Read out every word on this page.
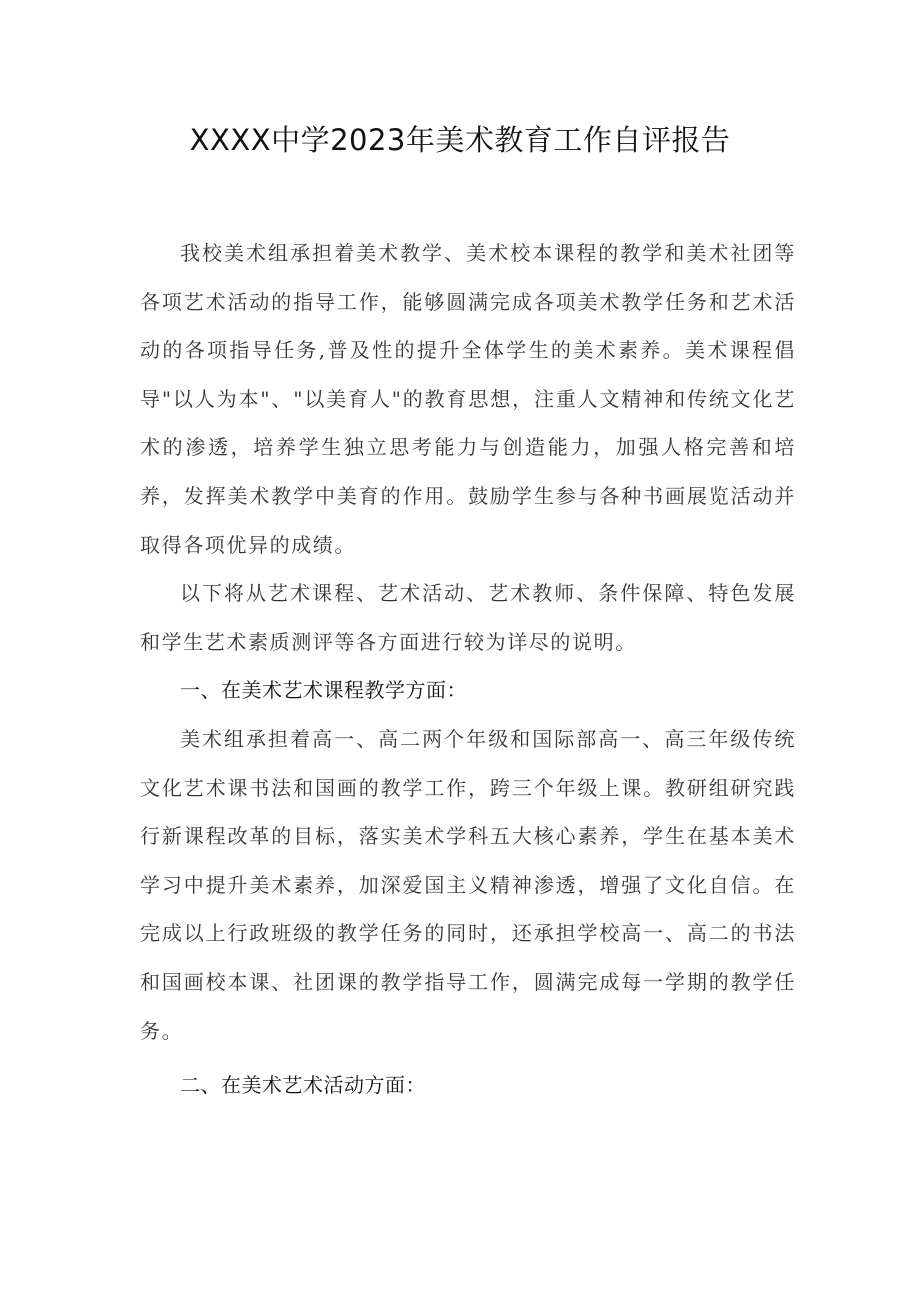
XXXX中学2023年美术教育工作自评报告

我校美术组承担着美术教学、美术校本课程的教学和美术社团等各项艺术活动的指导工作，能够圆满完成各项美术教学任务和艺术活动的各项指导任务,普及性的提升全体学生的美术素养。美术课程倡导"以人为本"、"以美育人"的教育思想，注重人文精神和传统文化艺术的渗透，培养学生独立思考能力与创造能力，加强人格完善和培养，发挥美术教学中美育的作用。鼓励学生参与各种书画展览活动并取得各项优异的成绩。

以下将从艺术课程、艺术活动、艺术教师、条件保障、特色发展和学生艺术素质测评等各方面进行较为详尽的说明。

一、在美术艺术课程教学方面：

美术组承担着高一、高二两个年级和国际部高一、高三年级传统文化艺术课书法和国画的教学工作，跨三个年级上课。教研组研究践行新课程改革的目标，落实美术学科五大核心素养，学生在基本美术学习中提升美术素养，加深爱国主义精神渗透，增强了文化自信。在完成以上行政班级的教学任务的同时，还承担学校高一、高二的书法和国画校本课、社团课的教学指导工作，圆满完成每一学期的教学任务。

二、在美术艺术活动方面：
